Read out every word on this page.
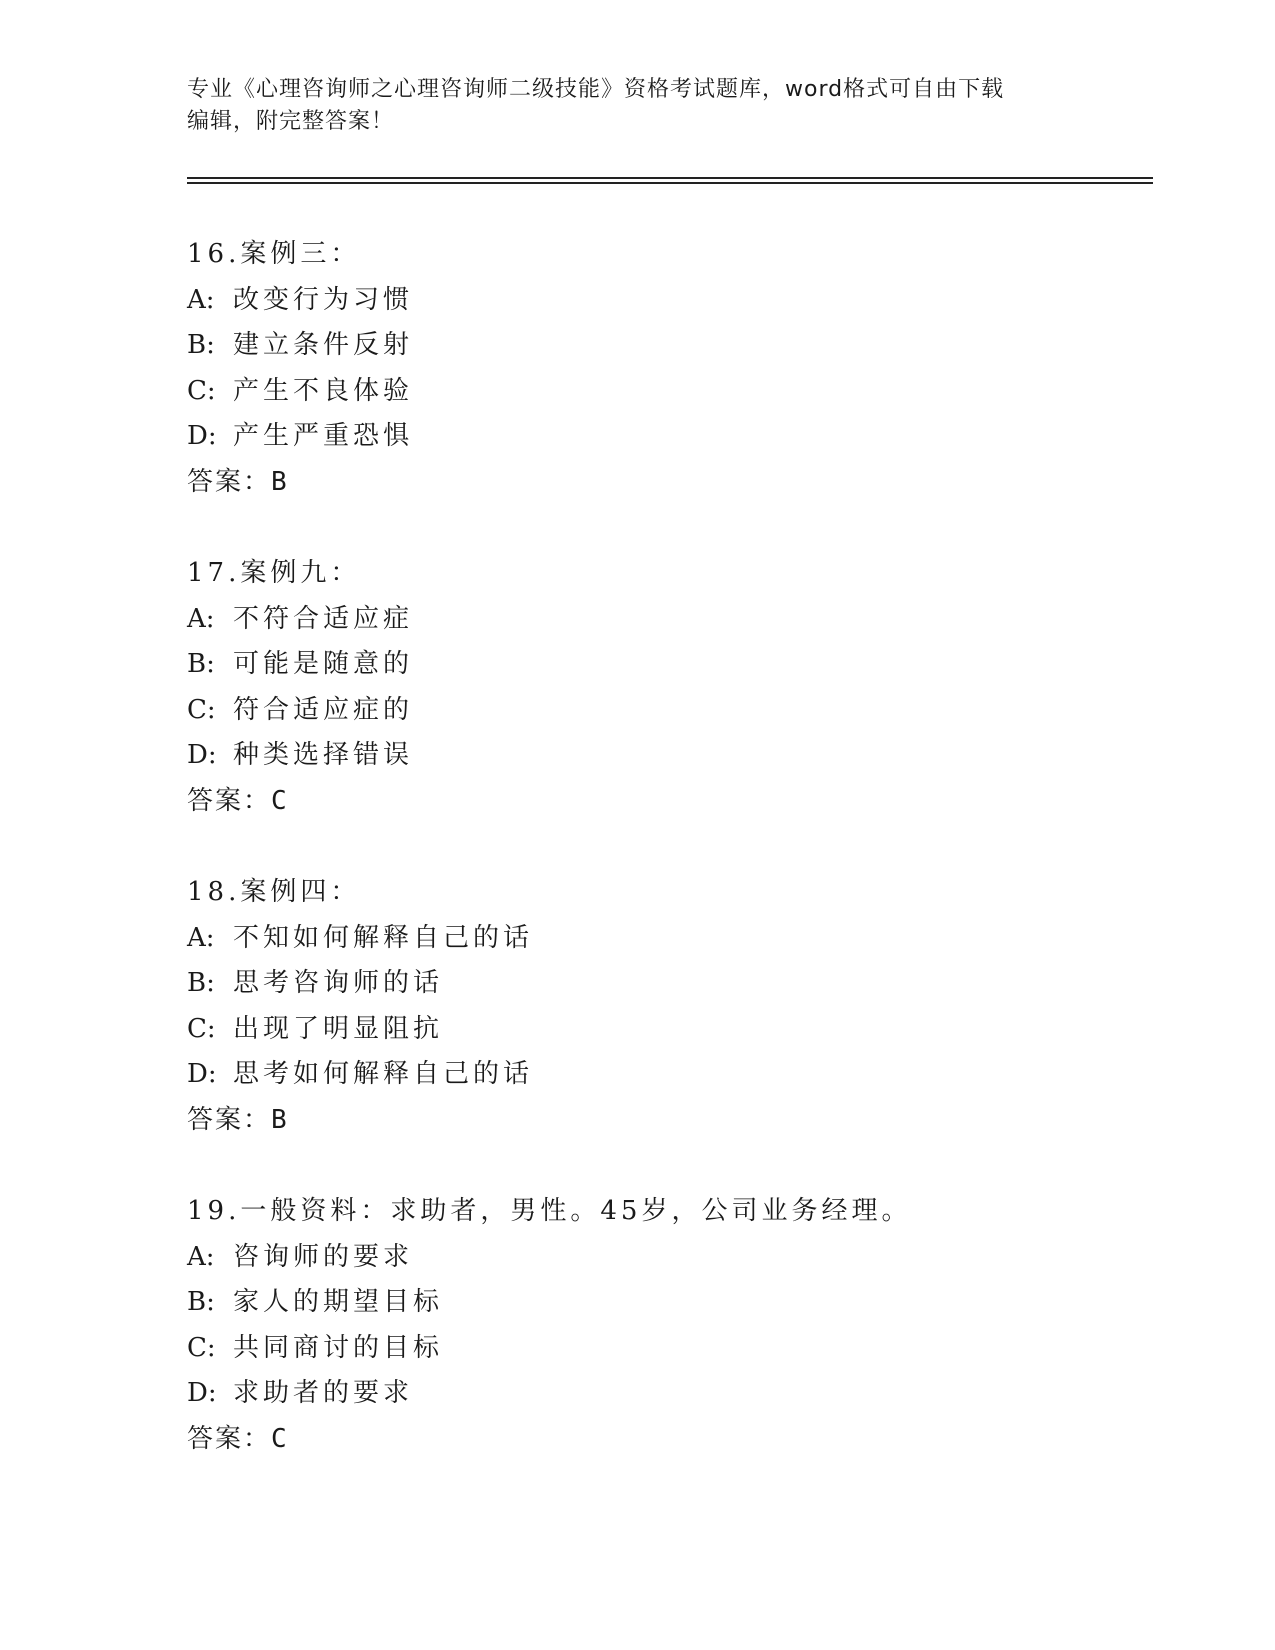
专业《心理咨询师之心理咨询师二级技能》资格考试题库，word格式可自由下载
编辑，附完整答案！
16.案例三：
A: 改变行为习惯
B: 建立条件反射
C: 产生不良体验
D: 产生严重恐惧
答案：B
17.案例九：
A: 不符合适应症
B: 可能是随意的
C: 符合适应症的
D: 种类选择错误
答案：C
18.案例四：
A: 不知如何解释自己的话
B: 思考咨询师的话
C: 出现了明显阻抗
D: 思考如何解释自己的话
答案：B
19.一般资料：求助者，男性。45岁，公司业务经理。
A: 咨询师的要求
B: 家人的期望目标
C: 共同商讨的目标
D: 求助者的要求
答案：C
